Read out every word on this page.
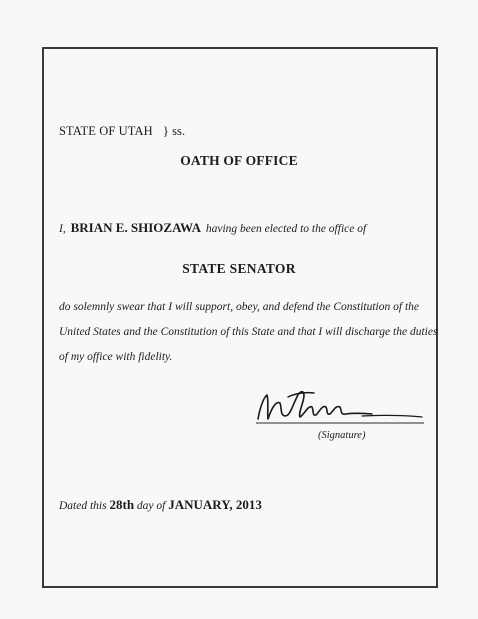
STATE OF UTAH } ss.
OATH OF OFFICE
I, BRIAN E. SHIOZAWA having been elected to the office of
STATE SENATOR
do solemnly swear that I will support, obey, and defend the Constitution of the
United States and the Constitution of this State and that I will discharge the duties
of my office with fidelity.
(Signature)
Dated this 28th day of JANUARY, 2013
